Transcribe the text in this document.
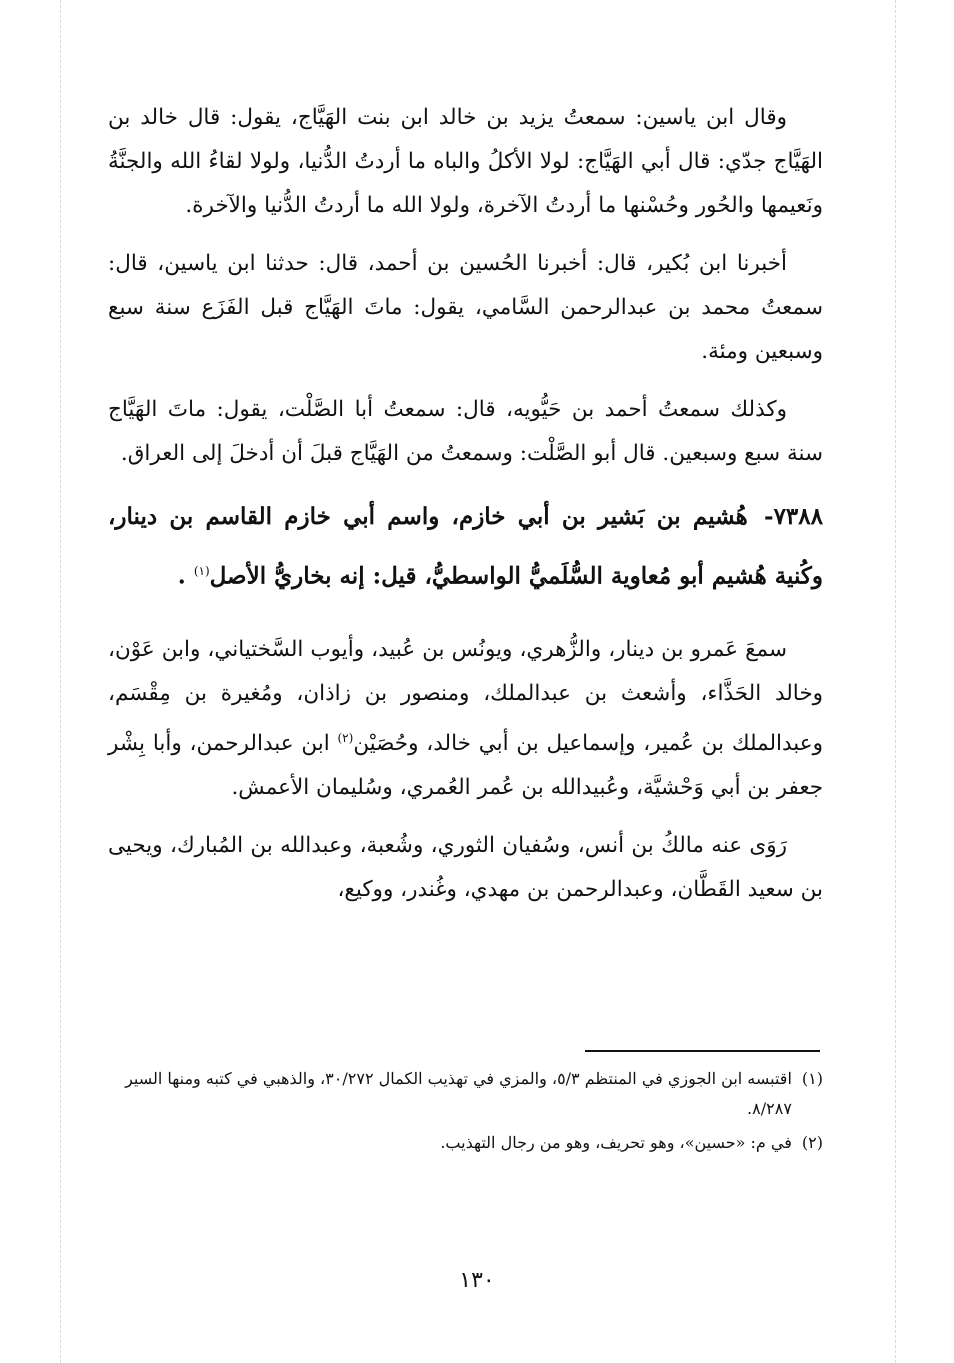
وقال ابن ياسين: سمعتُ يزيد بن خالد ابن بنت الهَيَّاج، يقول: قال خالد بن الهَيَّاج جدّي: قال أبي الهَيَّاج: لولا الأكلُ والباه ما أردتُ الدُّنيا، ولولا لقاءُ الله والجنَّةُ ونَعيمها والحُور وحُسْنها ما أردتُ الآخرة، ولولا الله ما أردتُ الدُّنيا والآخرة.

أخبرنا ابن بُكير، قال: أخبرنا الحُسين بن أحمد، قال: حدثنا ابن ياسين، قال: سمعتُ محمد بن عبدالرحمن السَّامي، يقول: ماتَ الهَيَّاج قبل الفَزَع سنة سبع وسبعين ومئة.

وكذلك سمعتُ أحمد بن حَيُّويه، قال: سمعتُ أبا الصَّلْت، يقول: ماتَ الهَيَّاج سنة سبع وسبعين. قال أبو الصَّلْت: وسمعتُ من الهَيَّاج قبلَ أن أدخلَ إلى العراق.

٧٣٨٨- هُشيم بن بَشير بن أبي خازم، واسم أبي خازم القاسم بن دينار، وكُنية هُشيم أبو مُعاوية السُّلَميُّ الواسطيُّ، قيل: إنه بخاريُّ الأصل$^{(١)}$ .

سمعَ عَمرو بن دينار، والزُّهري، ويونُس بن عُبيد، وأيوب السَّختياني، وابن عَوْن، وخالد الحَذَّاء، وأشعث بن عبدالملك، ومنصور بن زاذان، ومُغيرة بن مِقْسَم، وعبدالملك بن عُمير، وإسماعيل بن أبي خالد، وحُصَيْن$^{(٢)}$ ابن عبدالرحمن، وأبا بِشْر جعفر بن أبي وَحْشيَّة، وعُبيدالله بن عُمر العُمري، وسُليمان الأعمش.

رَوَى عنه مالكُ بن أنس، وسُفيان الثوري، وشُعبة، وعبدالله بن المُبارك، ويحيى بن سعيد القَطَّان، وعبدالرحمن بن مهدي، وغُندر، ووكيع،

(١)
اقتبسه ابن الجوزي في المنتظم ٥/٣، والمزي في تهذيب الكمال ٣٠/٢٧٢، والذهبي في كتبه ومنها السير ٨/٢٨٧.
(٢)
في م: «حسين»، وهو تحريف، وهو من رجال التهذيب.
١٣٠
